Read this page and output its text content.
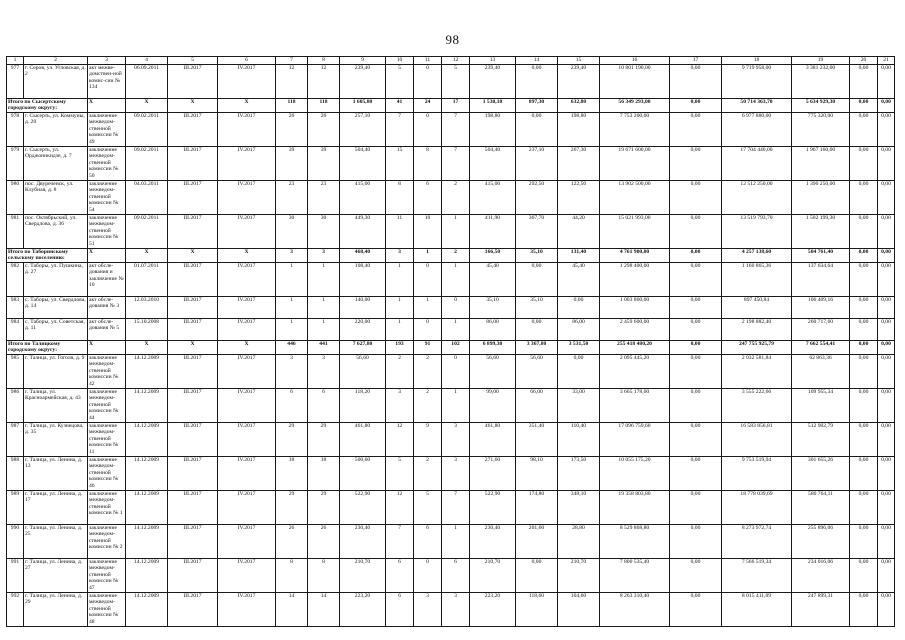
98
1	2	3	4	5	6	7	8	9	10	11	12	13	14	15	16	17	18	19	20	21
977	г. Серов, ул. Угловская, д. 2	акт межве-домствен-ной комис-сии № 134	06.09.2011	III.2017	IV.2017	12	12	239,40	5	0	5	239,40	0,00	239,40	10 801 190,00	0,00	9 719 958,00	3 381 232,00	0,00	0,00
Итого по Сысертскому городскому округу:		X	X	X	X	118	118	1 605,80	41	24	17	1 530,10	897,30	632,80	56 349 293,00	0,00	50 714 363,70	5 634 929,30	0,00	0,00
978	г. Сысерть, ул. Коммуны, д. 20	заключение межведом-ственной комиссии № 49	09.02.2011	III.2017	IV.2017	26	26	257,10	7	0	7	198,80	0,00	198,80	7 753 200,00	0,00	6 977 880,00	775 320,00	0,00	0,00
979	г. Сысерть, ул. Орджоникидзе, д. 7	заключение межведом-ственной комиссии № 50	09.02.2011	III.2017	IV.2017	39	39	504,40	15	8	7	504,40	237,10	267,30	19 671 600,00	0,00	17 704 440,00	1 967 160,00	0,00	0,00
980	пос. Двуреченск, ул. Клубная, д. 8	заключение межведом-ственной комиссии № 54	04.03.2011	III.2017	IV.2017	23	23	415,00	8	6	2	415,00	292,50	122,50	13 902 500,00	0,00	12 512 250,00	1 390 250,00	0,00	0,00
981	пос. Октябрьский, ул. Свердлова, д. 36	заключение межведом-ственной комиссии № 51	09.02.2011	III.2017	IV.2017	30	30	449,30	11	10	1	411,90	367,70	44,20	15 021 993,00	0,00	13 519 793,70	1 502 199,30	0,00	0,00
Итого по Таборинскому сельскому поселению:		X	X	X	X	3	3	468,40	3	1	2	166,50	35,10	131,40	4 761 900,00	0,00	4 257 138,60	504 761,40	0,00	0,00
982	с. Таборы, ул. Пушкина, д. 27	акт обсле-дования и заключение № 10	01.07.2011	III.2017	IV.2017	1	1	108,40	1	0	1	45,40	0,00	45,40	1 298 400,00	0,00	1 160 865,36	137 634,64	0,00	0,00
983	с. Таборы, ул. Свердлова, д. 14	акт обсле-дования № 3	12.03.2010	III.2017	IV.2017	1	1	140,00	1	1	0	35,10	35,10	0,00	1 003 860,00	0,00	897 450,84	106 409,16	0,00	0,00
984	с. Таборы, ул. Советская, д. 11	акт обсле-дования № 5	15.10.2008	III.2017	IV.2017	1	1	220,00	1	0	1	86,00	0,00	86,00	2 459 600,00	0,00	2 198 882,40	260 717,60	0,00	0,00
Итого по Талицкому городскому округу:		X	X	X	X	446	441	7 627,80	193	91	102	6 899,30	3 367,80	3 531,50	255 418 480,20	0,00	247 755 925,79	7 662 554,41	0,00	0,00
985	г. Талица, ул. Гоголя, д. 9	заключение межведом-ственной комиссии № 42	14.12.2009	III.2017	IV.2017	3	3	56,60	2	2	0	56,60	56,60	0,00	2 095 445,20	0,00	2 032 581,84	62 863,36	0,00	0,00
986	г. Талица, ул. Красноармейская, д. 43	заключение межведом-ственной комиссии № 44	14.12.2009	III.2017	IV.2017	6	6	118,20	3	2	1	99,00	66,00	33,00	3 665 178,00	0,00	3 555 222,66	109 955,34	0,00	0,00
987	г. Талица, ул. Кузнецова, д. 35	заключение межведом-ственной комиссии № 11	14.12.2009	III.2017	IV.2017	29	29	461,80	12	9	3	461,80	351,40	110,40	17 096 759,60	0,00	16 583 856,81	512 902,79	0,00	0,00
988	г. Талица, ул. Ленина, д. 13	заключение межведом-ственной комиссии № 46	14.12.2009	III.2017	IV.2017	18	18	500,60	5	2	3	271,60	98,10	173,50	10 055 175,20	0,00	9 753 519,94	301 655,26	0,00	0,00
989	г. Талица, ул. Ленина, д. 17	заключение межведом-ственной комиссии № 1	14.12.2009	III.2017	IV.2017	29	29	522,90	12	5	7	522,90	174,80	348,10	19 358 803,80	0,00	18 778 039,69	580 764,11	0,00	0,00
990	г. Талица, ул. Ленина, д. 25	заключение межведом-ственной комиссии № 2	14.12.2009	III.2017	IV.2017	26	26	230,40	7	6	1	230,40	201,60	28,80	8 529 868,80	0,00	8 273 972,74	255 896,06	0,00	0,00
991	г. Талица, ул. Ленина, д. 27	заключение межведом-ственной комиссии № 47	14.12.2009	III.2017	IV.2017	8	8	210,70	6	0	6	210,70	0,00	210,70	7 800 535,40	0,00	7 566 519,34	234 016,06	0,00	0,00
992	г. Талица, ул. Ленина, д. 29	заключение межведом-ственной комиссии № 48	14.12.2009	III.2017	IV.2017	14	14	223,20	6	3	3	223,20	118,60	104,60	8 263 310,40	0,00	8 015 411,09	247 899,31	0,00	0,00
